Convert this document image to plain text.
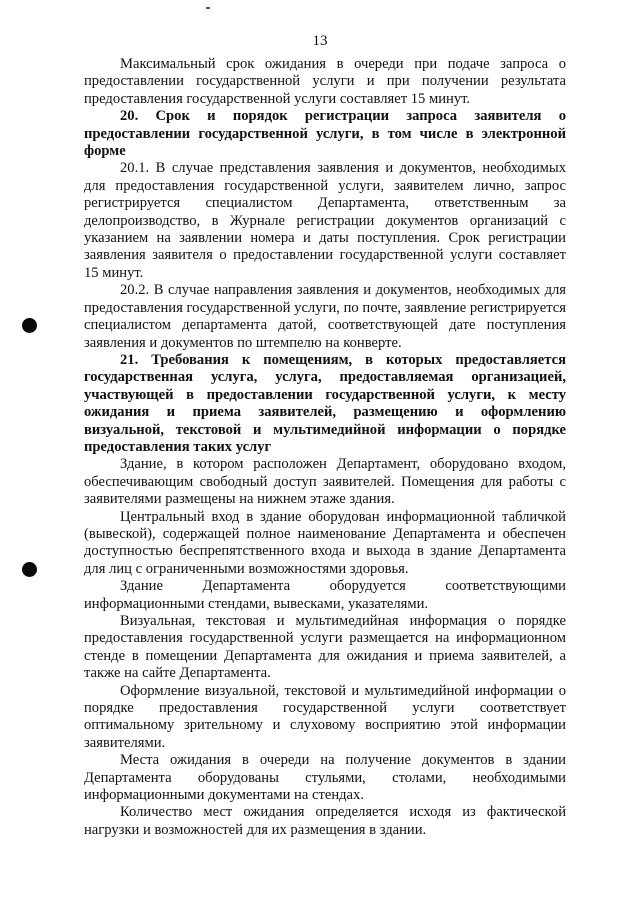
13

Максимальный срок ожидания в очереди при подаче запроса о предоставлении государственной услуги и при получении результата предоставления государственной услуги составляет 15 минут.

20. Срок и порядок регистрации запроса заявителя о предоставлении государственной услуги, в том числе в электронной форме

20.1. В случае представления заявления и документов, необходимых для предоставления государственной услуги, заявителем лично, запрос регистрируется специалистом Департамента, ответственным за делопроизводство, в Журнале регистрации документов организаций с указанием на заявлении номера и даты поступления. Срок регистрации заявления заявителя о предоставлении государственной услуги составляет 15 минут.

20.2. В случае направления заявления и документов, необходимых для предоставления государственной услуги, по почте, заявление регистрируется специалистом департамента датой, соответствующей дате поступления заявления и документов по штемпелю на конверте.

21. Требования к помещениям, в которых предоставляется государственная услуга, услуга, предоставляемая организацией, участвующей в предоставлении государственной услуги, к месту ожидания и приема заявителей, размещению и оформлению визуальной, текстовой и мультимедийной информации о порядке предоставления таких услуг

Здание, в котором расположен Департамент, оборудовано входом, обеспечивающим свободный доступ заявителей. Помещения для работы с заявителями размещены на нижнем этаже здания.

Центральный вход в здание оборудован информационной табличкой (вывеской), содержащей полное наименование Департамента и обеспечен доступностью беспрепятственного входа и выхода в здание Департамента для лиц с ограниченными возможностями здоровья.

Здание Департамента оборудуется соответствующими информационными стендами, вывесками, указателями.

Визуальная, текстовая и мультимедийная информация о порядке предоставления государственной услуги размещается на информационном стенде в помещении Департамента для ожидания и приема заявителей, а также на сайте Департамента.

Оформление визуальной, текстовой и мультимедийной информации о порядке предоставления государственной услуги соответствует оптимальному зрительному и слуховому восприятию этой информации заявителями.

Места ожидания в очереди на получение документов в здании Департамента оборудованы стульями, столами, необходимыми информационными документами на стендах.

Количество мест ожидания определяется исходя из фактической нагрузки и возможностей для их размещения в здании.
